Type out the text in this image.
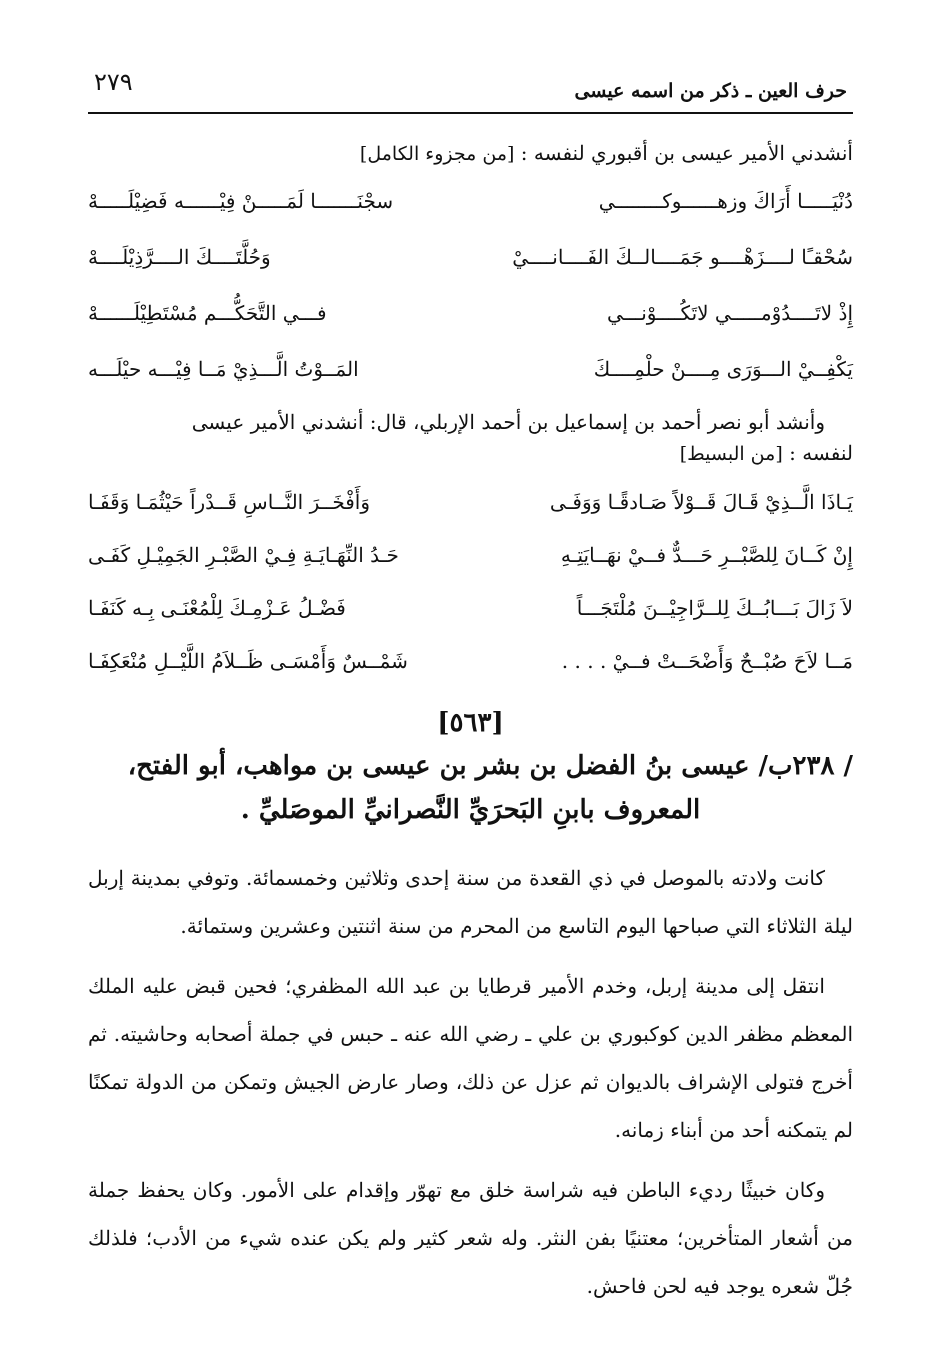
٢٧٩	حرف العين ـ ذكر من اسمه عيسى
أنشدني الأمير عيسى بن أقبوري لنفسه : [من مجزوء الكامل]
دُنْيَـــــا أَرَاكَ وزهــــــوكــــــــي
سجْنَـــــــا لَمَـــــنْ فِيْــــــه فَضِيْلَـــــهْ
سُحْقـًا لــــزَهْــــو جَمَــــالــكَ الفَــــانــــيْ
وَحُلَّتَــــكَ الــــرَّذِيْلَــــهْ
إِذْ لاتَــــدُوْمـــــي لاتَكُــــوْنـــي
فـــي التَّحَكُّـــم مُسْتَطِيْلَــــــهْ
يَكْفِــيْ الـــوَرَى مِــــنْ حلْمِــــكَ
المَــوْتُ الَّـــذِيْ مَــا فِيْـــه حيْلَـــه
وأنشد أبو نصر أحمد بن إسماعيل بن أحمد الإربلي، قال: أنشدني الأمير عيسى
لنفسه : [من البسيط]
يَـاذَا الَّــذِيْ قَـالَ قَــوْلاً صَـادقًـا وَوَفَـى
وَأَفْخَــرَ النَّــاسِ قَــدْراً حَيْثُمَـا وَقَفَـا
إِنْ كَــانَ لِلصَّبْــرِ حَـــدٌّ فــيْ نهَــايَتِـهِ
حَـدُ النِّهَـايَـةِ فِـيْ الصَّبْـرِ الجَمِيْـلِ كَفَـى
لاَ زَالَ بَـــابُــكَ لِلــرَّاجِيْــنَ مُلْتَجَـــاً
فَضْـلُ عَـزْمِـكَ لِلْمُعْنَـى بِـه كَنَفَـا
مَــا لاَحَ صُبْــحٌ وَأَضْحَــتْ فــيْ . . . .
شَمْــسٌ وَأَمْسَـى ظَــلاَمُ اللَّيْــلِ مُنْعَكِفَـا
[٥٦٣]
/ ٢٣٨ب/ عيسى بنُ الفضل بن بشر بن عيسى بن مواهب، أبو الفتح،
المعروف بابنِ البَحرَيِّ النَّصرانيِّ الموصَليِّ .

كانت ولادته بالموصل في ذي القعدة من سنة إحدى وثلاثين وخمسمائة. وتوفي بمدينة إربل ليلة الثلاثاء التي صباحها اليوم التاسع من المحرم من سنة اثنتين وعشرين وستمائة.

انتقل إلى مدينة إربل، وخدم الأمير قرطايا بن عبد الله المظفري؛ فحين قبض عليه الملك المعظم مظفر الدين كوكبوري بن علي ـ رضي الله عنه ـ حبس في جملة أصحابه وحاشيته. ثم أخرج فتولى الإشراف بالديوان ثم عزل عن ذلك، وصار عارض الجيش وتمكن من الدولة تمكنًا لم يتمكنه أحد من أبناء زمانه.

وكان خبيثًا رديء الباطن فيه شراسة خلق مع تهوّر وإقدام على الأمور. وكان يحفظ جملة من أشعار المتأخرين؛ معتنيًا بفن النثر. وله شعر كثير ولم يكن عنده شيء من الأدب؛ فلذلك جُلّ شعره يوجد فيه لحن فاحش.
